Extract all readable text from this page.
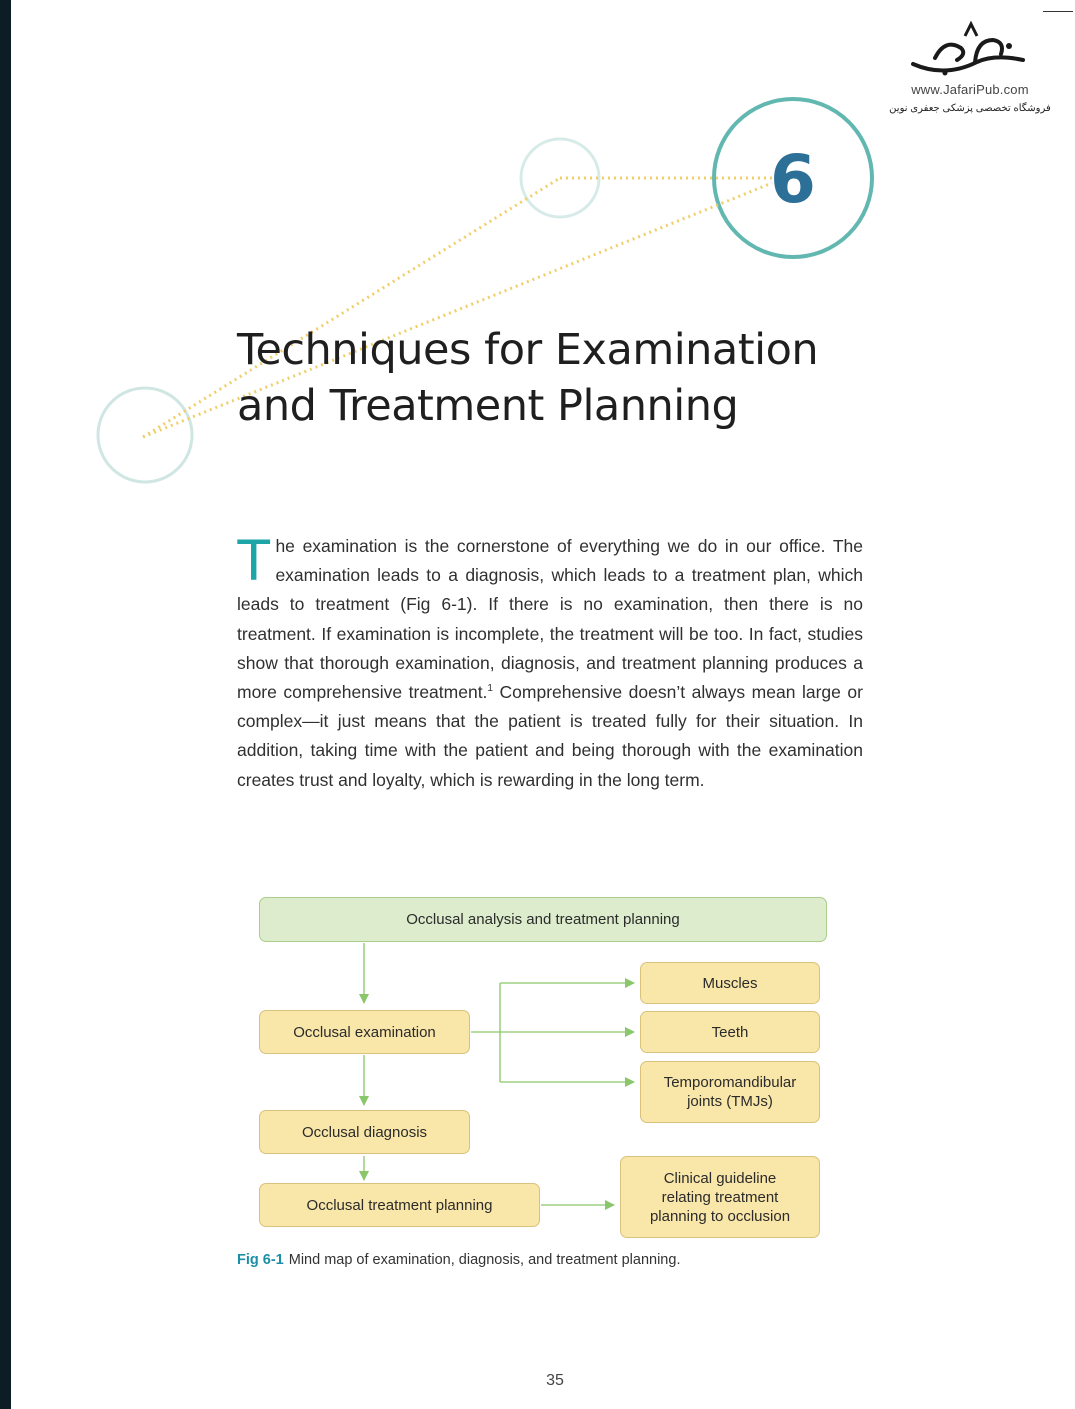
6
www.JafariPub.com
فروشگاه تخصصی پزشکی جعفری نوین
Techniques for Examination
and Treatment Planning
The examination is the cornerstone of everything we do in our office. The examination leads to a diagnosis, which leads to a treatment plan, which leads to treatment (Fig 6-1). If there is no examination, then there is no treatment. If examination is incomplete, the treatment will be too. In fact, studies show that thorough examination, diagnosis, and treatment planning produces a more comprehensive treatment.$^1$ Comprehensive doesn’t always mean large or complex—it just means that the patient is treated fully for their situation. In addition, taking time with the patient and being thorough with the examination creates trust and loyalty, which is rewarding in the long term.
Occlusal analysis and treatment planning
Occlusal examination
Occlusal diagnosis
Occlusal treatment planning
Muscles
Teeth
Temporomandibular joints (TMJs)
Clinical guideline relating treatment planning to occlusion
Fig 6-1 Mind map of examination, diagnosis, and treatment planning.
35
